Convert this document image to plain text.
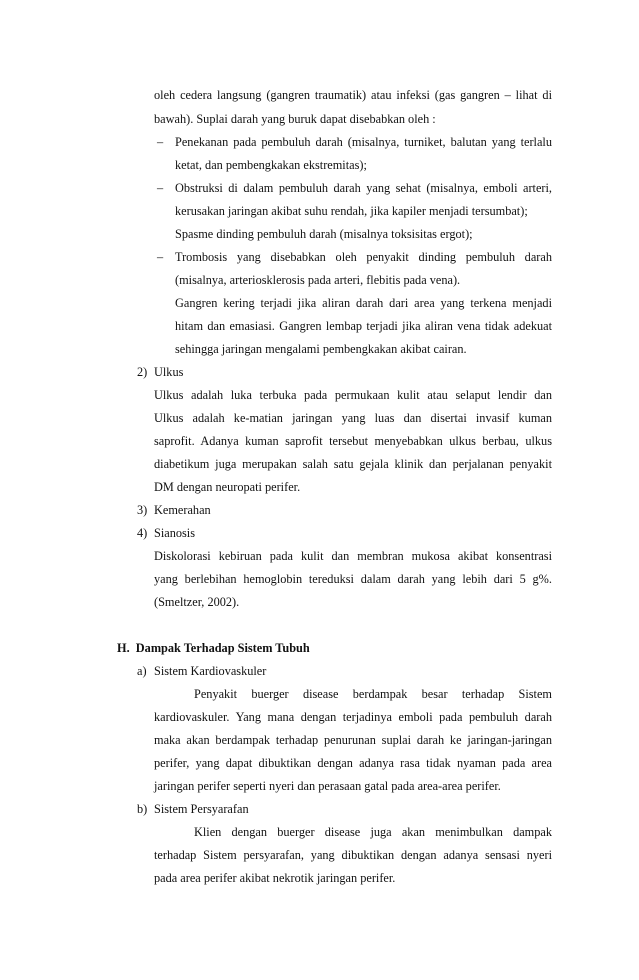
oleh cedera langsung (gangren traumatik) atau infeksi (gas gangren – lihat di
bawah). Suplai darah yang buruk dapat disebabkan oleh :
– Penekanan pada pembuluh darah (misalnya, turniket, balutan yang terlalu
ketat, dan pembengkakan ekstremitas);
– Obstruksi di dalam pembuluh darah yang sehat (misalnya, emboli arteri,
kerusakan jaringan akibat suhu rendah, jika kapiler menjadi tersumbat);
Spasme dinding pembuluh darah (misalnya toksisitas ergot);
– Trombosis yang disebabkan oleh penyakit dinding pembuluh darah
(misalnya, arteriosklerosis pada arteri, flebitis pada vena).
Gangren kering terjadi jika aliran darah dari area yang terkena menjadi
hitam dan emasiasi. Gangren lembap terjadi jika aliran vena tidak adekuat
sehingga jaringan mengalami pembengkakan akibat cairan.
2) Ulkus
Ulkus adalah luka terbuka pada permukaan kulit atau selaput lendir dan
Ulkus adalah ke-matian jaringan yang luas dan disertai invasif kuman
saprofit. Adanya kuman saprofit tersebut menyebabkan ulkus berbau, ulkus
diabetikum juga merupakan salah satu gejala klinik dan perjalanan penyakit
DM dengan neuropati perifer.
3) Kemerahan
4) Sianosis
Diskolorasi kebiruan pada kulit dan membran mukosa akibat konsentrasi
yang berlebihan hemoglobin tereduksi dalam darah yang lebih dari 5 g%.
(Smeltzer, 2002).
H.  Dampak Terhadap Sistem Tubuh
a) Sistem Kardiovaskuler
Penyakit buerger disease berdampak besar terhadap Sistem
kardiovaskuler. Yang mana dengan terjadinya emboli pada pembuluh darah
maka akan berdampak terhadap penurunan suplai darah ke jaringan-jaringan
perifer, yang dapat dibuktikan dengan adanya rasa tidak nyaman pada area
jaringan perifer seperti nyeri dan perasaan gatal pada area-area perifer.
b) Sistem Persyarafan
Klien dengan buerger disease juga akan menimbulkan dampak
terhadap Sistem persyarafan, yang dibuktikan dengan adanya sensasi nyeri
pada area perifer akibat nekrotik jaringan perifer.
